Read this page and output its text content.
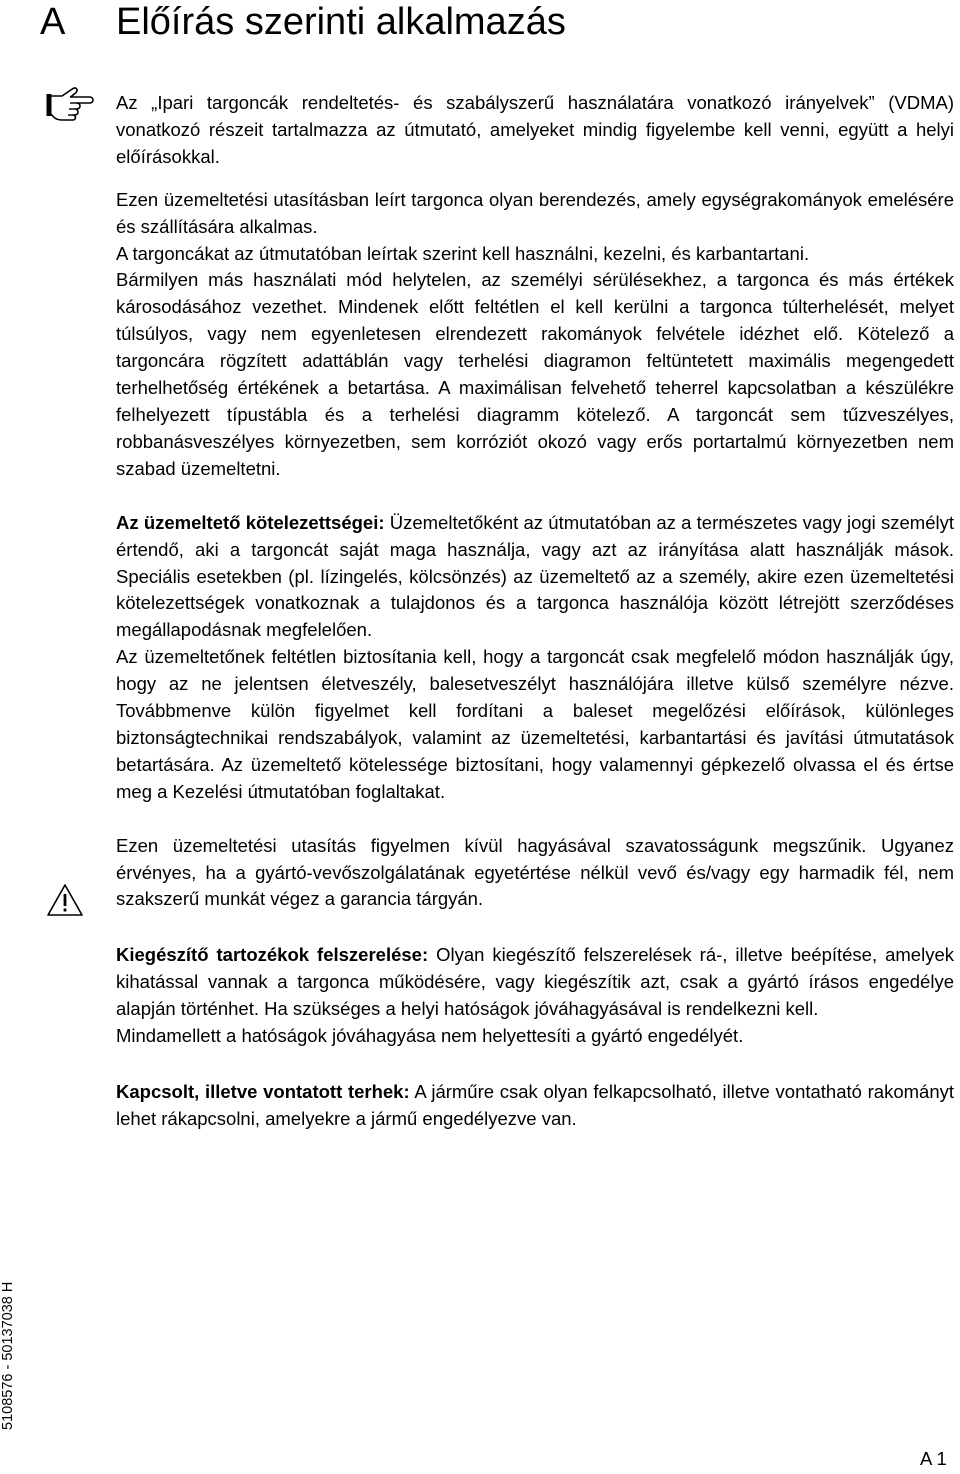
A Előírás szerinti alkalmazás

Az „Ipari targoncák rendeltetés- és szabályszerű használatára vonatkozó irányelvek” (VDMA) vonatkozó részeit tartalmazza az útmutató, amelyeket mindig figyelembe kell venni, együtt a helyi előírásokkal.

Ezen üzemeltetési utasításban leírt targonca olyan berendezés, amely egységrakományok emelésére és szállítására alkalmas.

A targoncákat az útmutatóban leírtak szerint kell használni, kezelni, és karbantartani.

Bármilyen más használati mód helytelen, az személyi sérülésekhez, a targonca és más értékek károsodásához vezethet. Mindenek előtt feltétlen el kell kerülni a targonca túlterhelését, melyet túlsúlyos, vagy nem egyenletesen elrendezett rakományok felvétele idézhet elő. Kötelező a targoncára rögzített adattáblán vagy terhelési diagramon feltüntetett maximális megengedett terhelhetőség értékének a betartása. A maximálisan felvehető teherrel kapcsolatban a készülékre felhelyezett típustábla és a terhelési diagramm kötelező. A targoncát sem tűzveszélyes, robbanásveszélyes környezetben, sem korróziót okozó vagy erős portartalmú környezetben nem szabad üzemeltetni.

Az üzemeltető kötelezettségei: Üzemeltetőként az útmutatóban az a természetes vagy jogi személyt értendő, aki a targoncát saját maga használja, vagy azt az irányítása alatt használják mások. Speciális esetekben (pl. lízingelés, kölcsönzés) az üzemeltető az a személy, akire ezen üzemeltetési kötelezettségek vonatkoznak a tulajdonos és a targonca használója között létrejött szerződéses megállapodásnak megfelelően.

Az üzemeltetőnek feltétlen biztosítania kell, hogy a targoncát csak megfelelő módon használják úgy, hogy az ne jelentsen életveszély, balesetveszélyt használójára illetve külső személyre nézve. Továbbmenve külön figyelmet kell fordítani a baleset megelőzési előírások, különleges biztonságtechnikai rendszabályok, valamint az üzemeltetési, karbantartási és javítási útmutatások betartására. Az üzemeltető kötelessége biztosítani, hogy valamennyi gépkezelő olvassa el és értse meg a Kezelési útmutatóban foglaltakat.

Ezen üzemeltetési utasítás figyelmen kívül hagyásával szavatosságunk megszűnik. Ugyanez érvényes, ha a gyártó-vevőszolgálatának egyetértése nélkül vevő és/vagy egy harmadik fél, nem szakszerű munkát végez a garancia tárgyán.

Kiegészítő tartozékok felszerelése: Olyan kiegészítő felszerelések rá-, illetve beépítése, amelyek kihatással vannak a targonca működésére, vagy kiegészítik azt, csak a gyártó írásos engedélye alapján történhet. Ha szükséges a helyi hatóságok jóváhagyásával is rendelkezni kell.

Mindamellett a hatóságok jóváhagyása nem helyettesíti a gyártó engedélyét.

Kapcsolt, illetve vontatott terhek: A járműre csak olyan felkapcsolható, illetve vontatható rakományt lehet rákapcsolni, amelyekre a jármű engedélyezve van.

5108576 - 50137038 H
A 1
